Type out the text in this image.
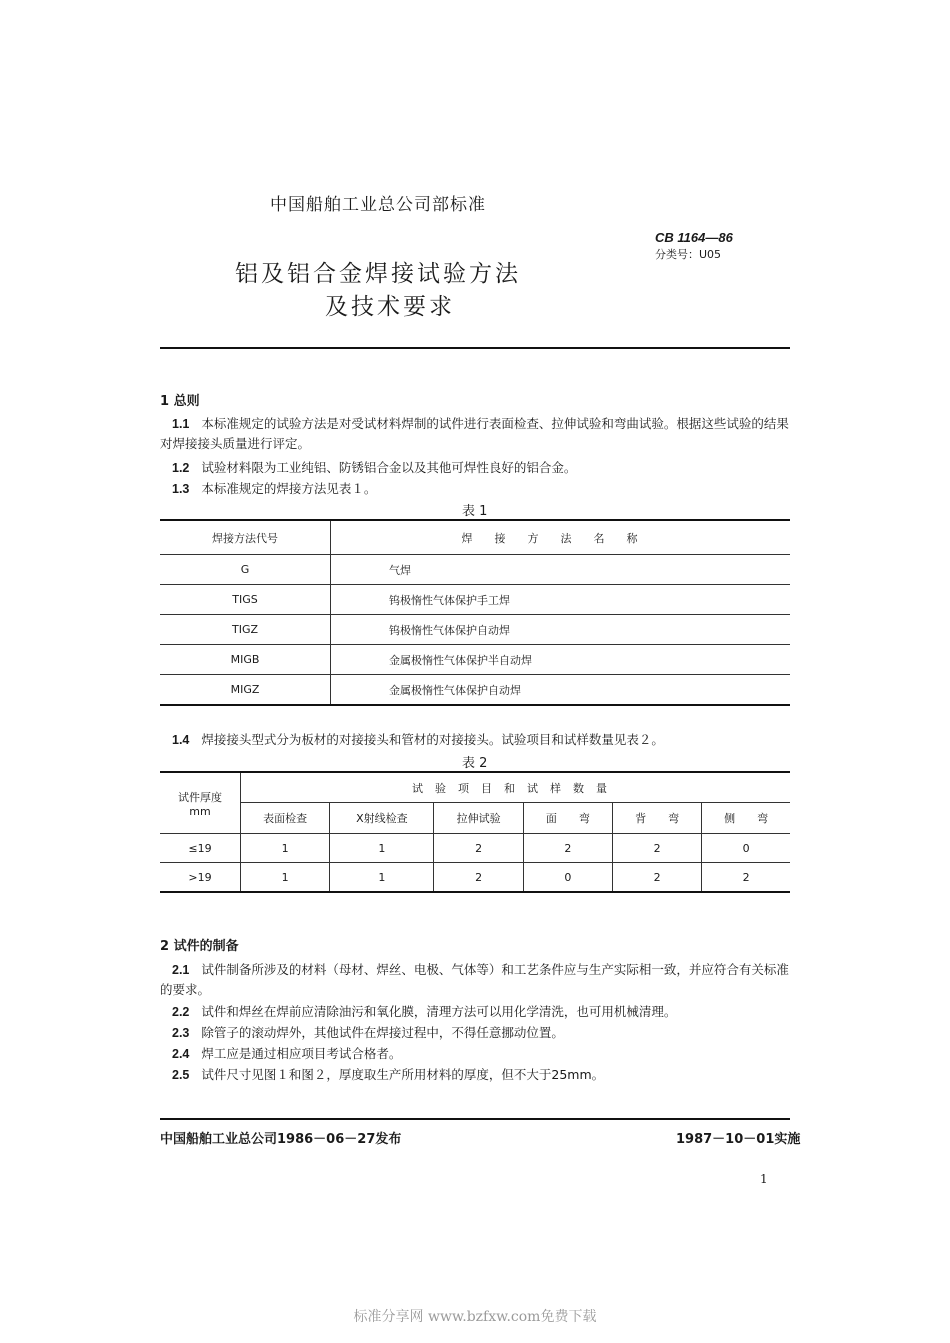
中国船舶工业总公司部标准
CB 1164—86
分类号：U05
铝及铝合金焊接试验方法
及技术要求
1 总则
1.1 本标准规定的试验方法是对受试材料焊制的试件进行表面检查、拉伸试验和弯曲试验。根据这些试验的结果对焊接接头质量进行评定。
1.2 试验材料限为工业纯铝、防锈铝合金以及其他可焊性良好的铝合金。
1.3 本标准规定的焊接方法见表１。
表 1
焊接方法代号	焊接方法名称
G	气焊
TIGS	钨极惰性气体保护手工焊
TIGZ	钨极惰性气体保护自动焊
MIGB	金属极惰性气体保护半自动焊
MIGZ	金属极惰性气体保护自动焊
1.4 焊接接头型式分为板材的对接接头和管材的对接接头。试验项目和试样数量见表２。
表 2
试件厚度
mm	试验项目和试样数量					
	表面检查	X射线检查	拉伸试验	面　　弯	背　　弯	侧　　弯
≤19	1	1	2	2	2	0
>19	1	1	2	0	2	2
2 试件的制备
2.1 试件制备所涉及的材料（母材、焊丝、电极、气体等）和工艺条件应与生产实际相一致，并应符合有关标准的要求。
2.2 试件和焊丝在焊前应清除油污和氧化膜，清理方法可以用化学清洗，也可用机械清理。
2.3 除管子的滚动焊外，其他试件在焊接过程中，不得任意挪动位置。
2.4 焊工应是通过相应项目考试合格者。
2.5 试件尺寸见图１和图２，厚度取生产所用材料的厚度，但不大于25mm。
中国船舶工业总公司1986－06－27发布	1987－10－01实施
1
标准分享网 www.bzfxw.com免费下载
